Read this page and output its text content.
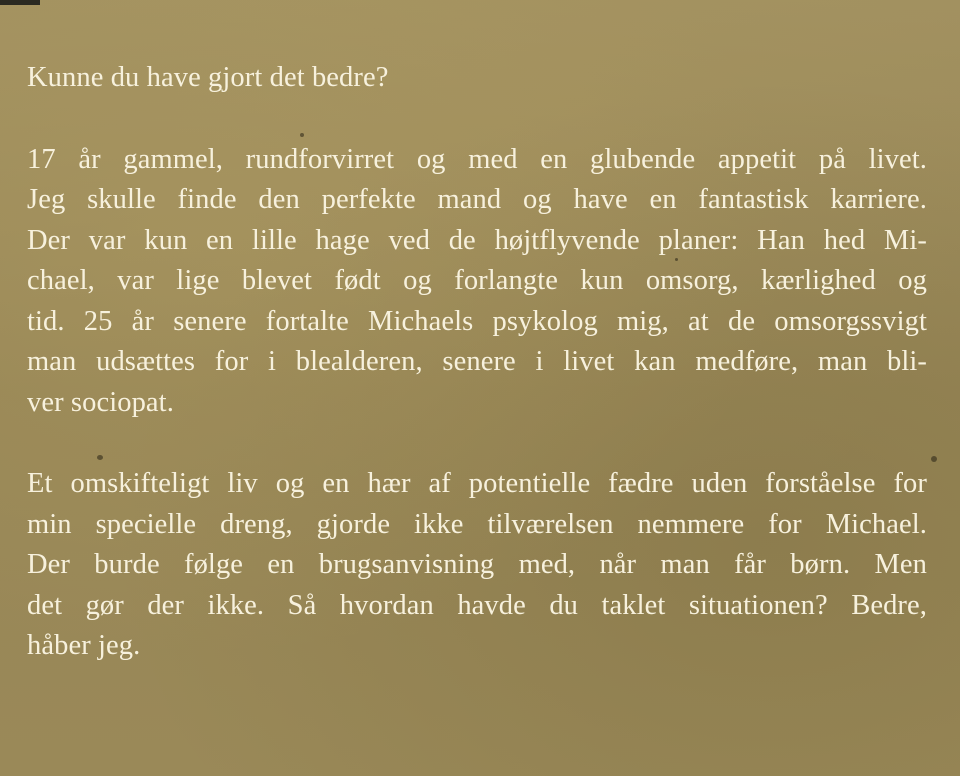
Kunne du have gjort det bedre?
17 år gammel, rundforvirret og med en glubende appetit på livet.
Jeg skulle finde den perfekte mand og have en fantastisk karriere.
Der var kun en lille hage ved de højtflyvende planer: Han hed Mi-
chael, var lige blevet født og forlangte kun omsorg, kærlighed og
tid. 25 år senere fortalte Michaels psykolog mig, at de omsorgssvigt
man udsættes for i blealderen, senere i livet kan medføre, man bli-
ver sociopat.
Et omskifteligt liv og en hær af potentielle fædre uden forståelse for
min specielle dreng, gjorde ikke tilværelsen nemmere for Michael.
Der burde følge en brugsanvisning med, når man får børn. Men
det gør der ikke. Så hvordan havde du taklet situationen? Bedre,
håber jeg.
